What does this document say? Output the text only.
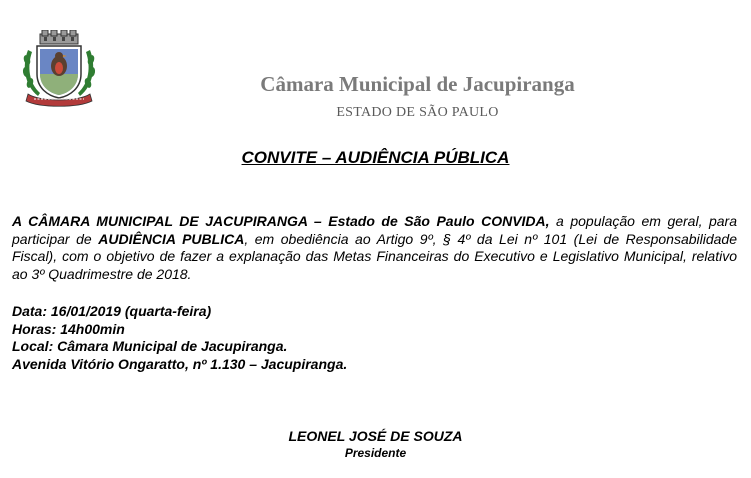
Câmara Municipal de Jacupiranga
ESTADO DE SÃO PAULO
CONVITE – AUDIÊNCIA PÚBLICA
A CÂMARA MUNICIPAL DE JACUPIRANGA – Estado de São Paulo CONVIDA, a população em geral, para participar de AUDIÊNCIA PUBLICA, em obediência ao Artigo 9º, § 4º da Lei nº 101 (Lei de Responsabilidade Fiscal), com o objetivo de fazer a explanação das Metas Financeiras do Executivo e Legislativo Municipal, relativo ao 3º Quadrimestre de 2018.
Data: 16/01/2019 (quarta-feira)
Horas: 14h00min
Local: Câmara Municipal de Jacupiranga.
Avenida Vitório Ongaratto, nº 1.130 – Jacupiranga.
LEONEL JOSÉ DE SOUZA
Presidente
